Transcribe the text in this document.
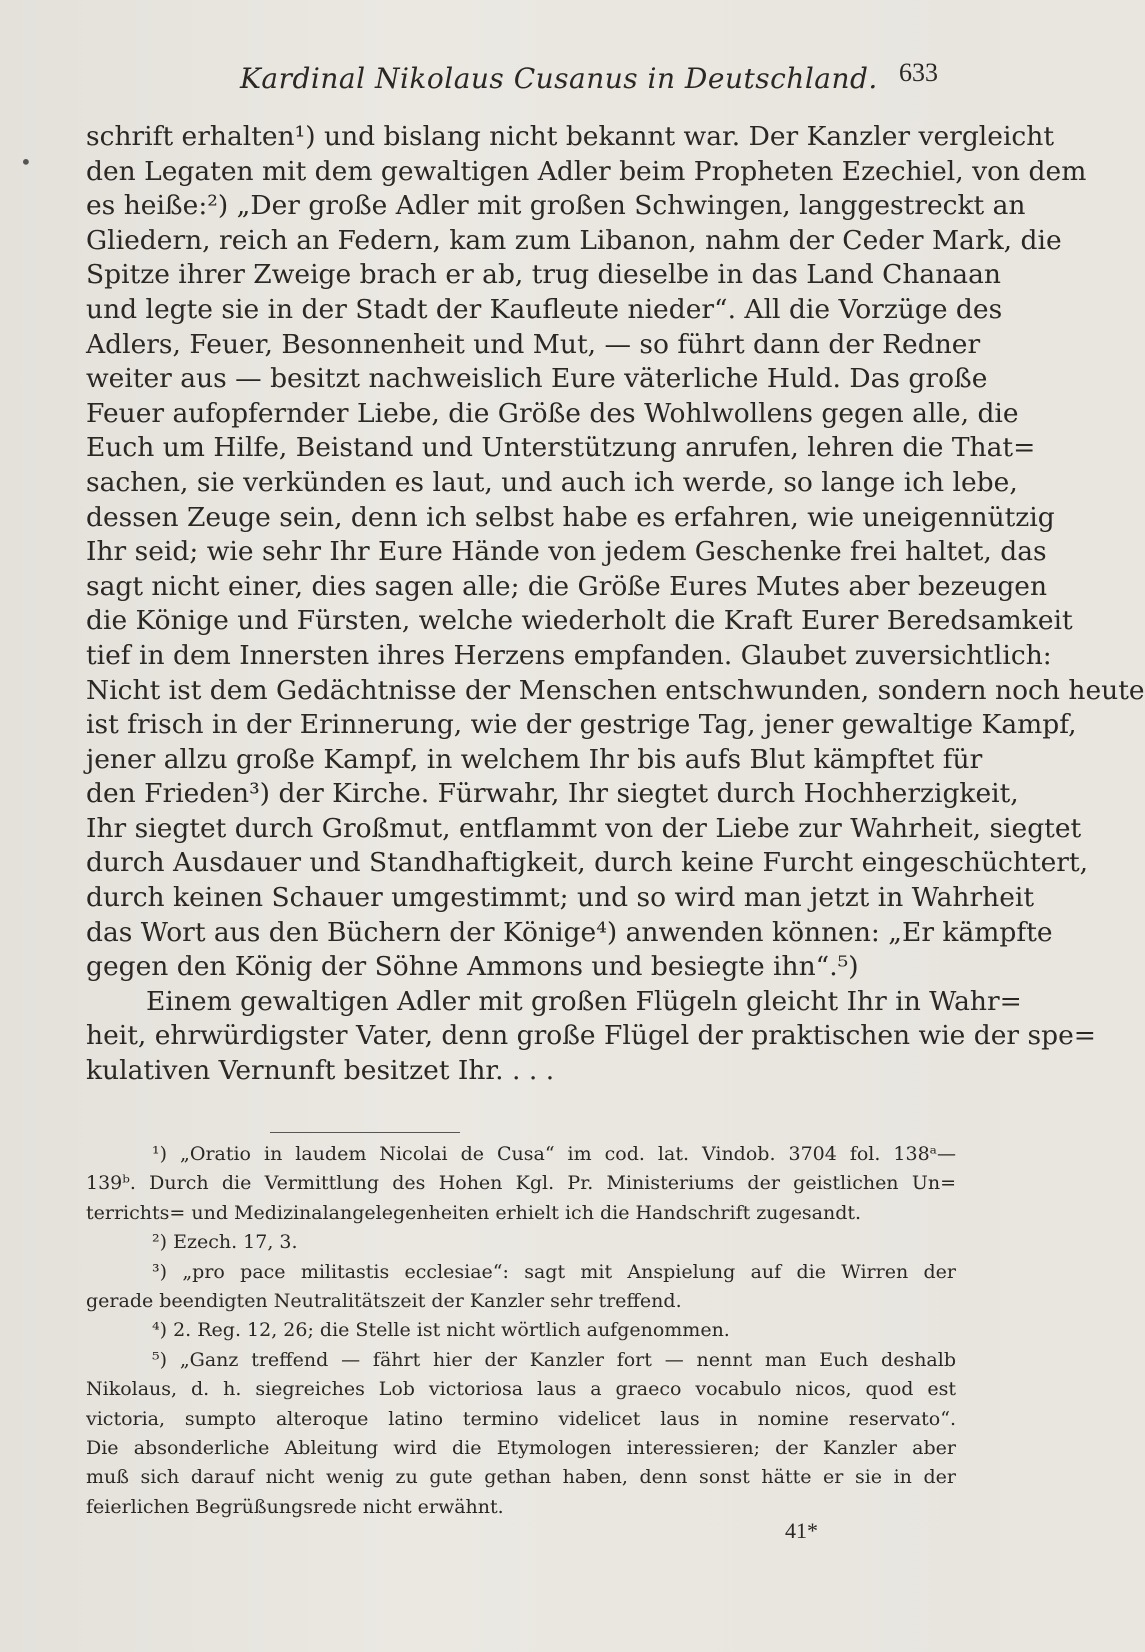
Kardinal Nikolaus Cusanus in Deutschland. 633
•
schrift erhalten¹) und bislang nicht bekannt war. Der Kanzler vergleicht
den Legaten mit dem gewaltigen Adler beim Propheten Ezechiel, von dem
es heiße:²) „Der große Adler mit großen Schwingen, langgestreckt an
Gliedern, reich an Federn, kam zum Libanon, nahm der Ceder Mark, die
Spitze ihrer Zweige brach er ab, trug dieselbe in das Land Chanaan
und legte sie in der Stadt der Kaufleute nieder“. All die Vorzüge des
Adlers, Feuer, Besonnenheit und Mut, — so führt dann der Redner
weiter aus — besitzt nachweislich Eure väterliche Huld. Das große
Feuer aufopfernder Liebe, die Größe des Wohlwollens gegen alle, die
Euch um Hilfe, Beistand und Unterstützung anrufen, lehren die That=
sachen, sie verkünden es laut, und auch ich werde, so lange ich lebe,
dessen Zeuge sein, denn ich selbst habe es erfahren, wie uneigennützig
Ihr seid; wie sehr Ihr Eure Hände von jedem Geschenke frei haltet, das
sagt nicht einer, dies sagen alle; die Größe Eures Mutes aber bezeugen
die Könige und Fürsten, welche wiederholt die Kraft Eurer Beredsamkeit
tief in dem Innersten ihres Herzens empfanden. Glaubet zuversichtlich:
Nicht ist dem Gedächtnisse der Menschen entschwunden, sondern noch heute
ist frisch in der Erinnerung, wie der gestrige Tag, jener gewaltige Kampf,
jener allzu große Kampf, in welchem Ihr bis aufs Blut kämpftet für
den Frieden³) der Kirche. Fürwahr, Ihr siegtet durch Hochherzigkeit,
Ihr siegtet durch Großmut, entflammt von der Liebe zur Wahrheit, siegtet
durch Ausdauer und Standhaftigkeit, durch keine Furcht eingeschüchtert,
durch keinen Schauer umgestimmt; und so wird man jetzt in Wahrheit
das Wort aus den Büchern der Könige⁴) anwenden können: „Er kämpfte
gegen den König der Söhne Ammons und besiegte ihn“.⁵)
Einem gewaltigen Adler mit großen Flügeln gleicht Ihr in Wahr=
heit, ehrwürdigster Vater, denn große Flügel der praktischen wie der spe=
kulativen Vernunft besitzet Ihr. . . .
¹) „Oratio in laudem Nicolai de Cusa“ im cod. lat. Vindob. 3704 fol. 138ᵃ—
139ᵇ. Durch die Vermittlung des Hohen Kgl. Pr. Ministeriums der geistlichen Un=
terrichts= und Medizinalangelegenheiten erhielt ich die Handschrift zugesandt.
²) Ezech. 17, 3.
³) „pro pace militastis ecclesiae“: sagt mit Anspielung auf die Wirren der
gerade beendigten Neutralitätszeit der Kanzler sehr treffend.
⁴) 2. Reg. 12, 26; die Stelle ist nicht wörtlich aufgenommen.
⁵) „Ganz treffend — fährt hier der Kanzler fort — nennt man Euch deshalb
Nikolaus, d. h. siegreiches Lob victoriosa laus a graeco vocabulo nicos, quod est
victoria, sumpto alteroque latino termino videlicet laus in nomine reservato“.
Die absonderliche Ableitung wird die Etymologen interessieren; der Kanzler aber
muß sich darauf nicht wenig zu gute gethan haben, denn sonst hätte er sie in der
feierlichen Begrüßungsrede nicht erwähnt.
41*
